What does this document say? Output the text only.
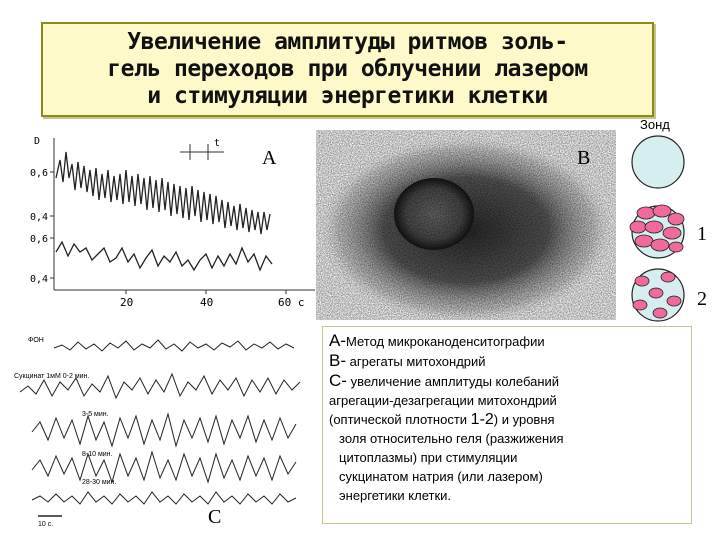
Увеличение амплитуды ритмов золь-
гель переходов при облучении лазером
и стимуляции энергетики клетки
D
0,6
0,4
0,6
0,4
20	40	60 с
t
A	B
Зонд
1
2
ФОН
Сукцинат 1мМ 0-2 мин.
3-5 мин.
8-10 мин.
28-30 мин.
10 с.	C
А-Метод микроканоденситографии
В- агрегаты митохондрий
С- увеличение амплитуды колебаний
агрегации-дезагрегации митохондрий
(оптической плотности 1-2) и уровня
золя относительно геля (разжижения
цитоплазмы) при стимуляции
сукцинатом натрия (или лазером)
энергетики клетки.
